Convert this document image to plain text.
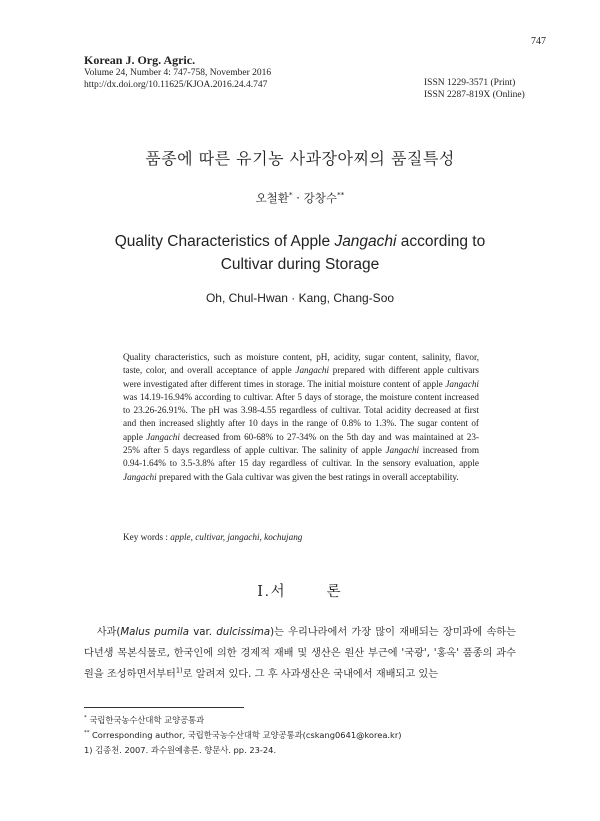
747
Korean J. Org. Agric.
Volume 24, Number 4: 747-758, November 2016
http://dx.doi.org/10.11625/KJOA.2016.24.4.747	ISSN 1229-3571 (Print)
ISSN 2287-819X (Online)
품종에 따른 유기농 사과장아찌의 품질특성
오철환* · 강창수**
Quality Characteristics of Apple Jangachi according to
Cultivar during Storage
Oh, Chul-Hwan · Kang, Chang-Soo
Quality characteristics, such as moisture content, pH, acidity, sugar content, salinity, flavor, taste, color, and overall acceptance of apple Jangachi prepared with different apple cultivars were investigated after different times in storage. The initial moisture content of apple Jangachi was 14.19-16.94% according to cultivar. After 5 days of storage, the moisture content increased to 23.26-26.91%. The pH was 3.98-4.55 regardless of cultivar. Total acidity decreased at first and then increased slightly after 10 days in the range of 0.8% to 1.3%. The sugar content of apple Jangachi decreased from 60-68% to 27-34% on the 5th day and was maintained at 23-25% after 5 days regardless of apple cultivar. The salinity of apple Jangachi increased from 0.94-1.64% to 3.5-3.8% after 15 day regardless of cultivar. In the sensory evaluation, apple Jangachi prepared with the Gala cultivar was given the best ratings in overall acceptability.
Key words : apple, cultivar, jangachi, kochujang
Ⅰ.서	론
사과(Malus pumila var. dulcissima)는 우리나라에서 가장 많이 재배되는 장미과에 속하는 다년생 목본식물로, 한국인에 의한 경제적 재배 및 생산은 원산 부근에 '국광', '홍옥' 품종의 과수원을 조성하면서부터$^{1)}$로 알려져 있다. 그 후 사과생산은 국내에서 재배되고 있는
* 국립한국농수산대학 교양공통과
** Corresponding author, 국립한국농수산대학 교양공통과(cskang0641@korea.kr)
1) 김종천. 2007. 과수원예총론. 향문사. pp. 23-24.
